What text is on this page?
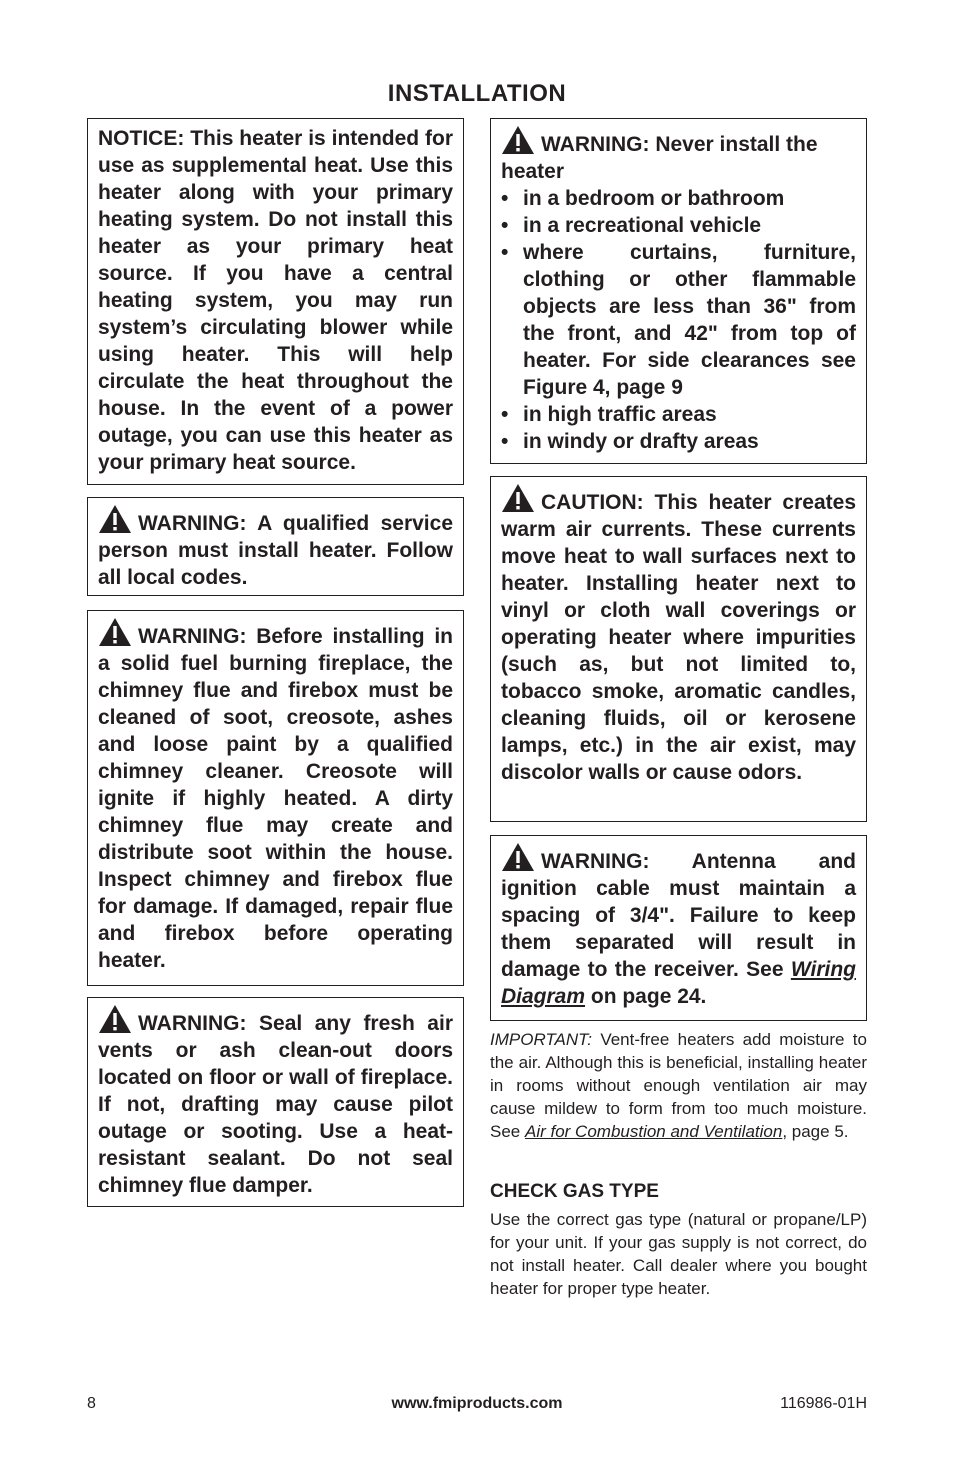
INSTALLATION

NOTICE: This heater is intended for use as supplemental heat. Use this heater along with your primary heating system. Do not install this heater as your primary heat source. If you have a central heating system, you may run system’s circulating blower while using heater. This will help circulate the heat throughout the house. In the event of a power outage, you can use this heater as your primary heat source.

WARNING: A qualified service person must install heater. Follow all local codes.

WARNING: Before installing in a solid fuel burning fireplace, the chimney flue and firebox must be cleaned of soot, creosote, ashes and loose paint by a qualified chimney cleaner. Creosote will ignite if highly heated. A dirty chimney flue may create and distribute soot within the house. Inspect chimney and firebox flue for damage. If damaged, repair flue and firebox before operating heater.

WARNING: Seal any fresh air vents or ash clean-out doors located on floor or wall of fireplace. If not, drafting may cause pilot outage or sooting. Use a heat-resistant sealant. Do not seal chimney flue damper.

WARNING: Never install the heater

• in a bedroom or bathroom
• in a recreational vehicle
• where curtains, furniture, clothing or other flammable objects are less than 36" from the front, and 42" from top of heater. For side clearances see Figure 4, page 9
• in high traffic areas
• in windy or drafty areas

CAUTION: This heater creates warm air currents. These currents move heat to wall surfaces next to heater. Installing heater next to vinyl or cloth wall coverings or operating heater where impurities (such as, but not limited to, tobacco smoke, aromatic candles, cleaning fluids, oil or kerosene lamps, etc.) in the air exist, may discolor walls or cause odors.

WARNING: Antenna and ignition cable must maintain a spacing of 3/4". Failure to keep them separated will result in damage to the receiver. See Wiring Diagram on page 24.

IMPORTANT: Vent-free heaters add moisture to the air. Although this is beneficial, installing heater in rooms without enough ventilation air may cause mildew to form from too much moisture. See Air for Combustion and Ventilation, page 5.
CHECK GAS TYPE
Use the correct gas type (natural or propane/LP) for your unit. If your gas supply is not correct, do not install heater. Call dealer where you bought heater for proper type heater.
8	www.fmiproducts.com	116986-01H
